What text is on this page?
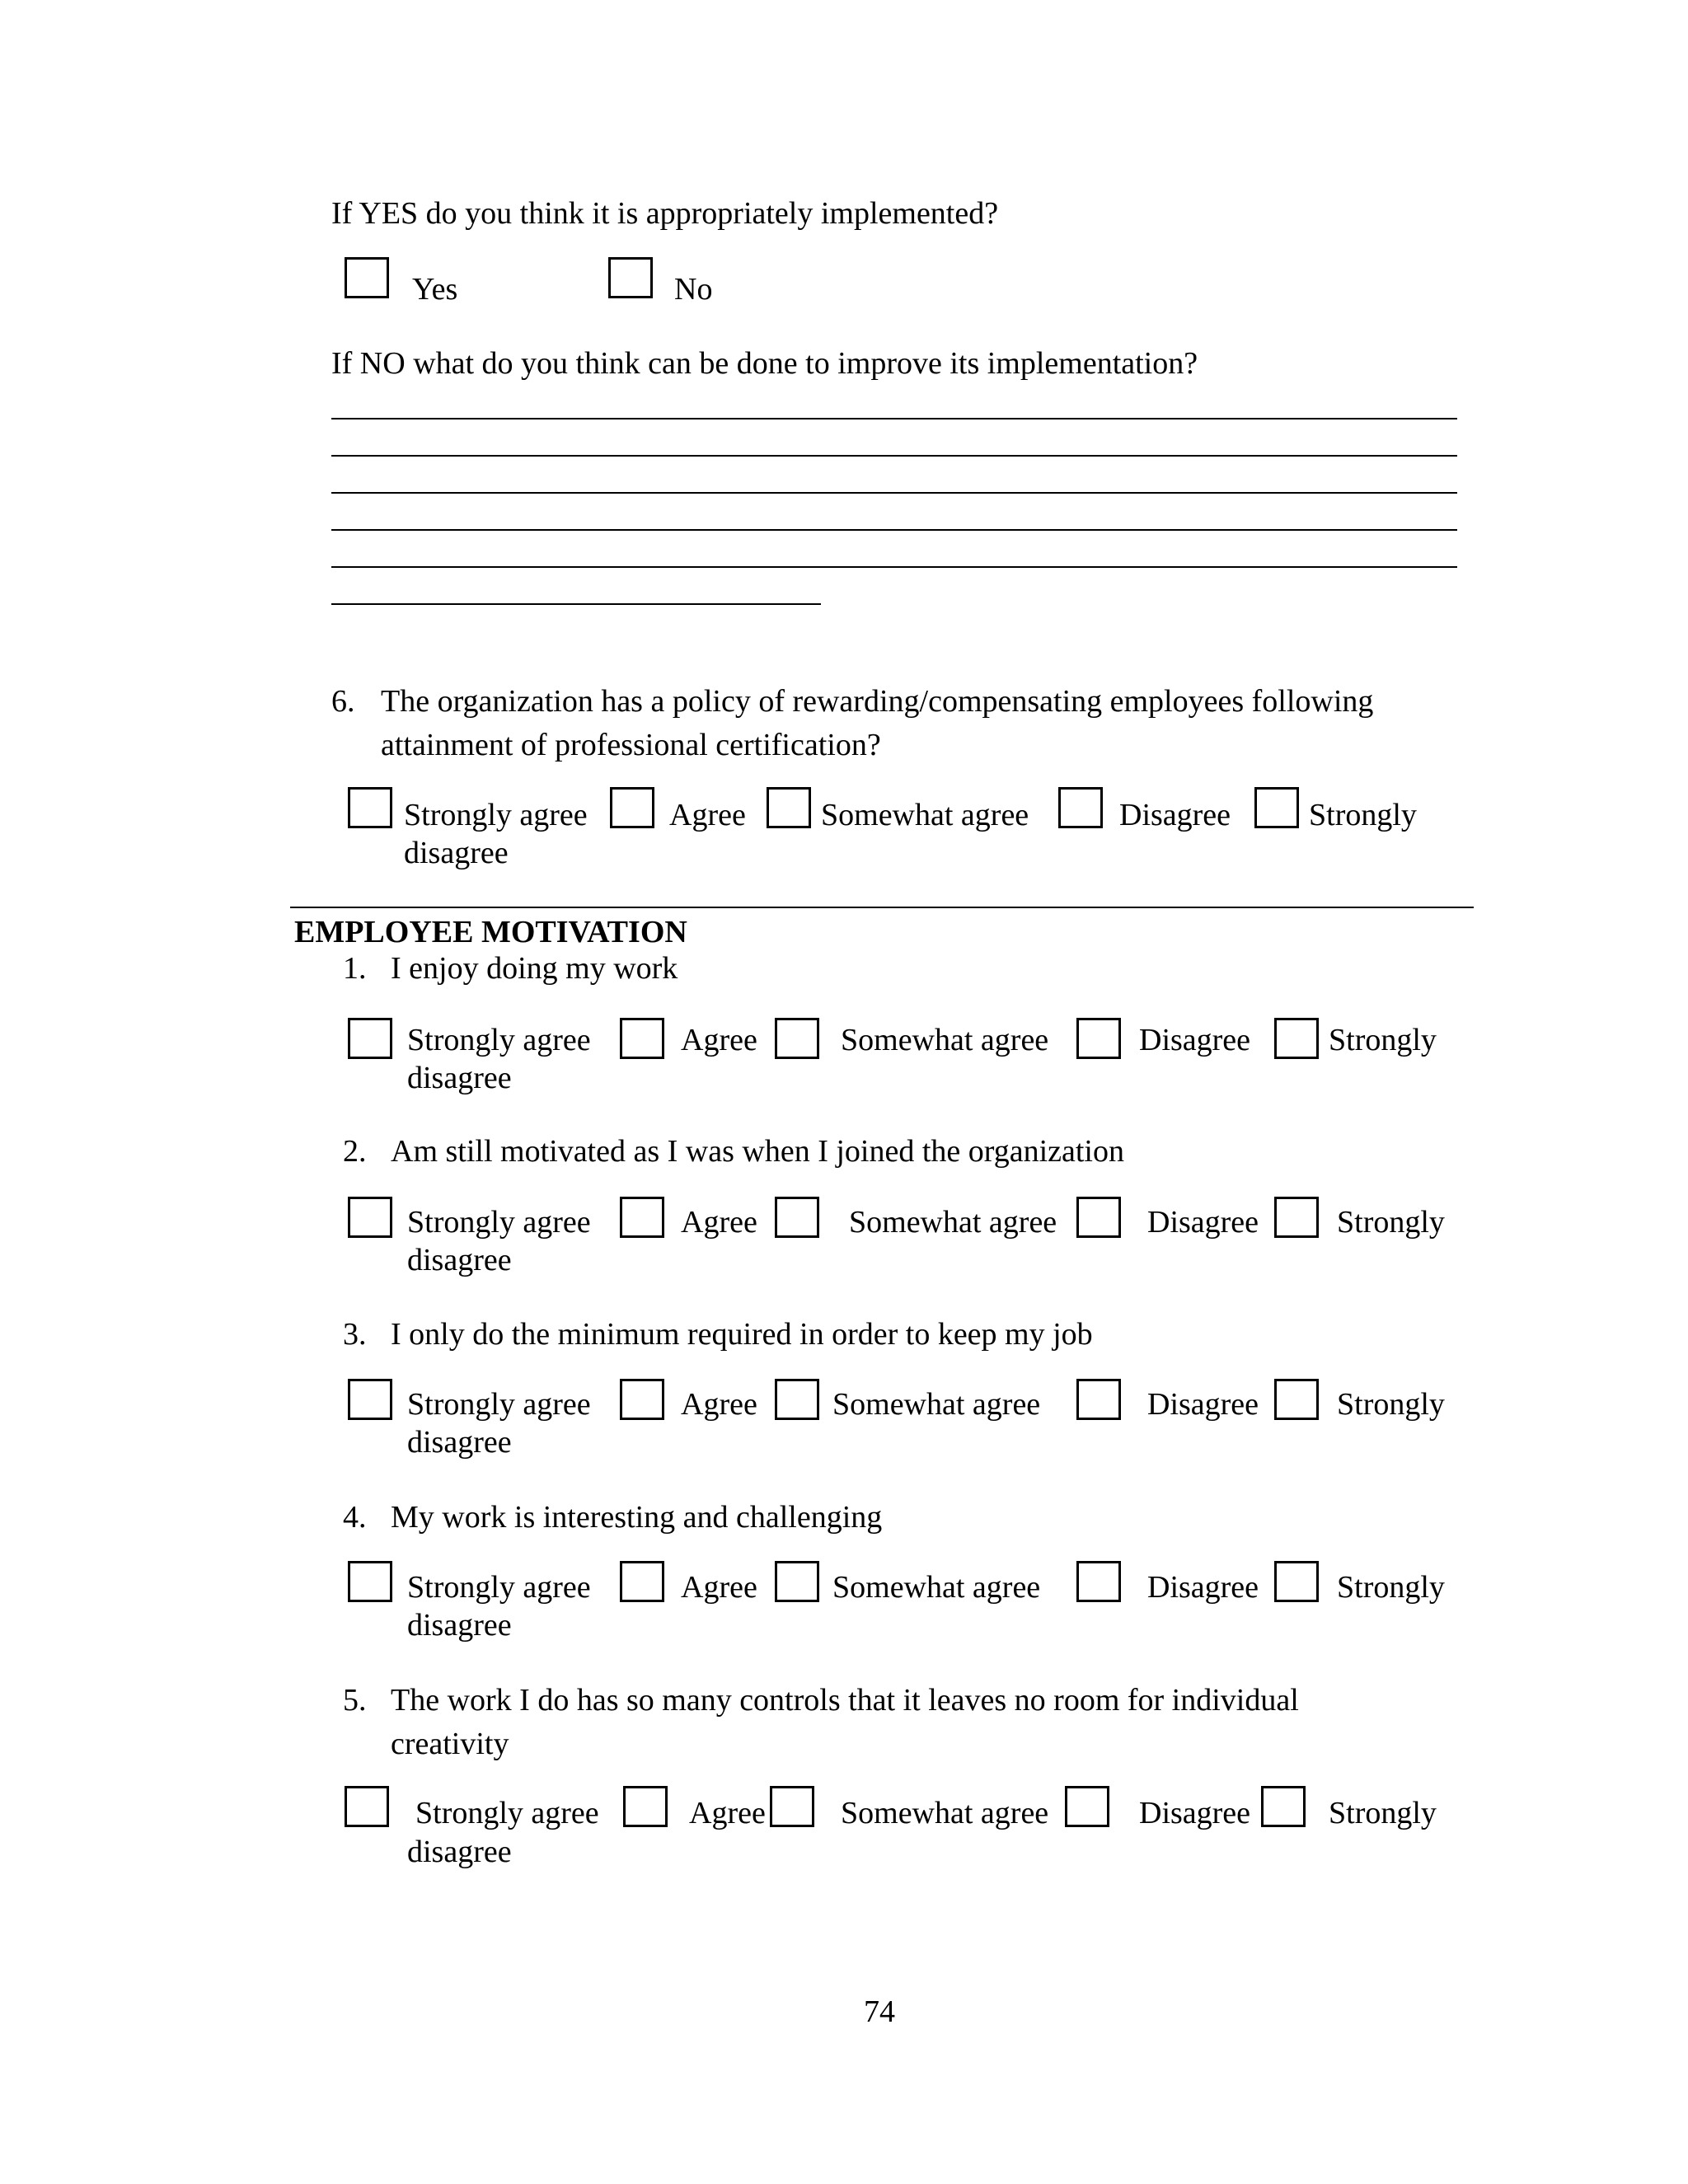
If YES do you think it is appropriately implemented?
Yes	No
If NO what do you think can be done to improve its implementation?
6. The organization has a policy of rewarding/compensating employees following
attainment of professional certification?
Strongly agree	Agree Somewhat agree	Disagree Strongly
disagree
EMPLOYEE MOTIVATION
1. I enjoy doing my work
Strongly agree	Agree	Somewhat agree	Disagree Strongly
disagree
2. Am still motivated as I was when I joined the organization
Strongly agree	Agree	Somewhat agree	Disagree Strongly
disagree
3. I only do the minimum required in order to keep my job
Strongly agree	Agree Somewhat agree	Disagree Strongly
disagree
4. My work is interesting and challenging
Strongly agree	Agree Somewhat agree	Disagree Strongly
disagree
5. The work I do has so many controls that it leaves no room for individual
creativity
Strongly agree	Agree Somewhat agree	Disagree Strongly
disagree
74
